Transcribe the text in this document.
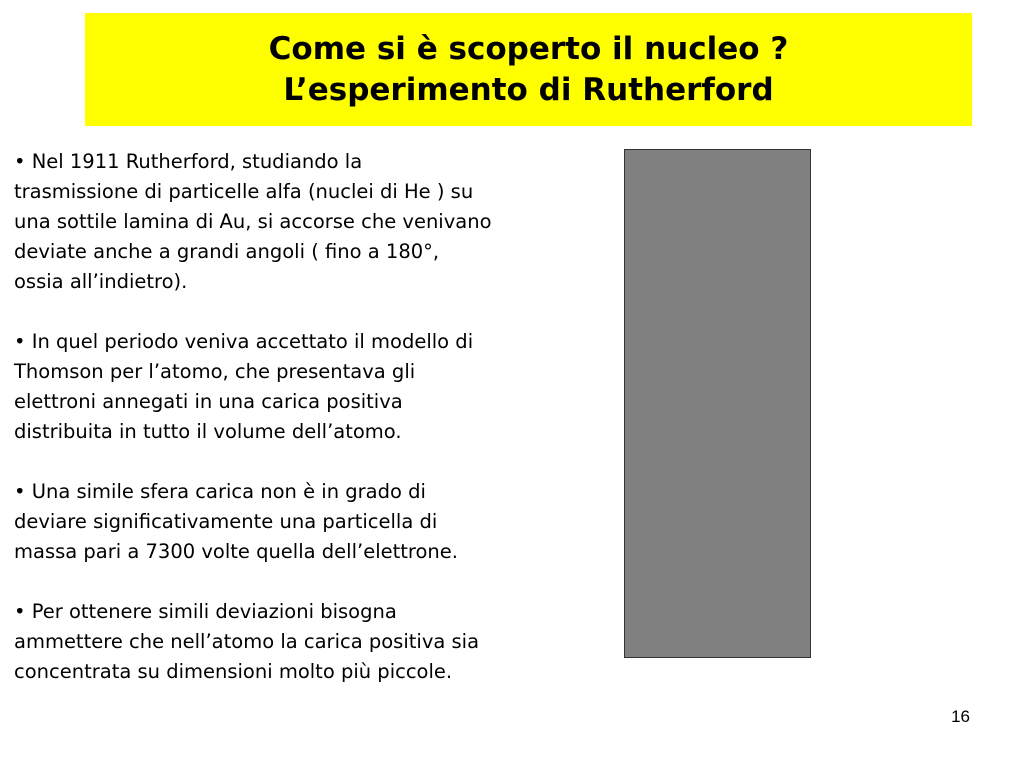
Come si è scoperto il nucleo ?
L’esperimento di Rutherford
• Nel 1911 Rutherford, studiando la
trasmissione di particelle alfa (nuclei di He ) su
una sottile lamina di Au, si accorse che venivano
deviate anche a grandi angoli ( fino a 180°,
ossia all’indietro).
• In quel periodo veniva accettato il modello di
Thomson per l’atomo, che presentava gli
elettroni annegati in una carica positiva
distribuita in tutto il volume dell’atomo.
• Una simile sfera carica non è in grado di
deviare significativamente una particella di
massa pari a 7300 volte quella dell’elettrone.
• Per ottenere simili deviazioni bisogna
ammettere che nell’atomo la carica positiva sia
concentrata su dimensioni molto più piccole.
16
